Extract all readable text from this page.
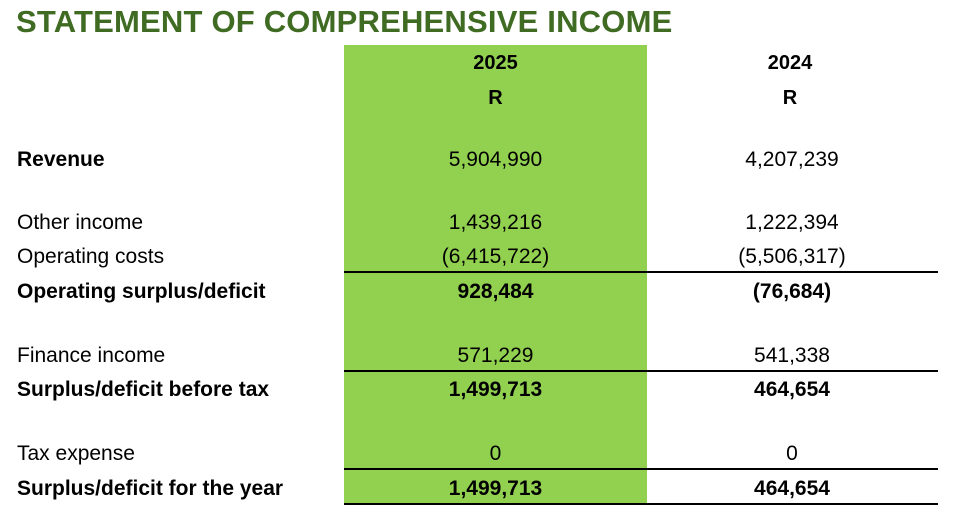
STATEMENT OF COMPREHENSIVE INCOME
2025	2024
R	R
Revenue	5,904,990	4,207,239
Other income	1,439,216	1,222,394
Operating costs	(6,415,722)	(5,506,317)
Operating surplus/deficit	928,484	(76,684)
Finance income	571,229	541,338
Surplus/deficit before tax	1,499,713	464,654
Tax expense	0	0
Surplus/deficit for the year	1,499,713	464,654
